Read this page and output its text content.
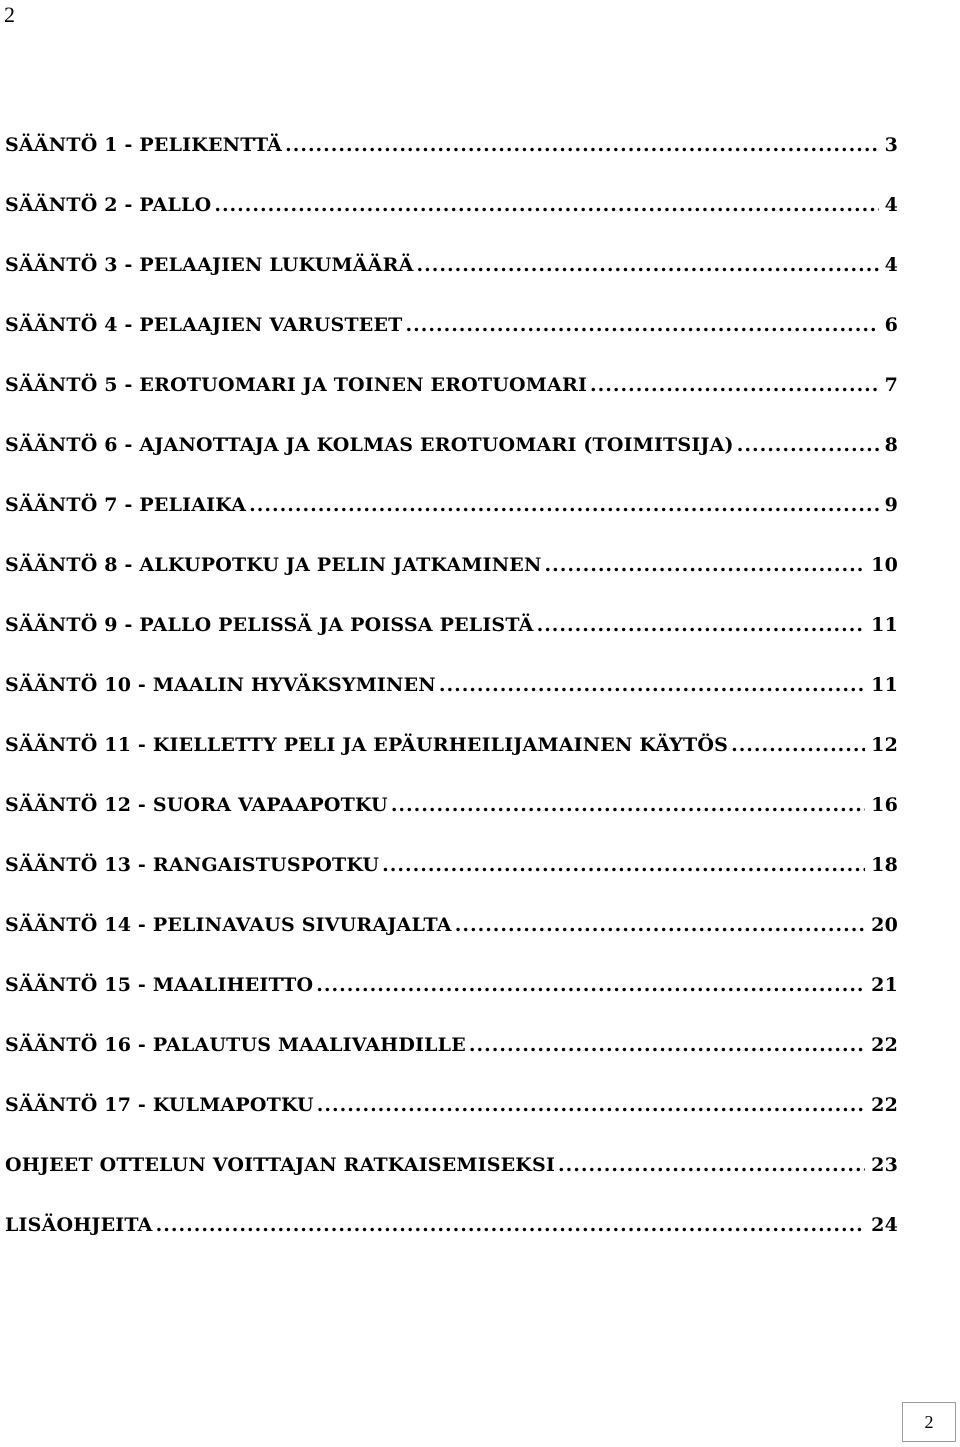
2
SÄÄNTÖ 1 - PELIKENTTÄ .....	3
SÄÄNTÖ 2 - PALLO .....	4
SÄÄNTÖ 3 - PELAAJIEN LUKUMÄÄRÄ .....	4
SÄÄNTÖ 4 - PELAAJIEN VARUSTEET .....	6
SÄÄNTÖ 5 - EROTUOMARI JA TOINEN EROTUOMARI .....	7
SÄÄNTÖ 6 - AJANOTTAJA JA KOLMAS EROTUOMARI (TOIMITSIJA) .....	8
SÄÄNTÖ 7 - PELIAIKA .....	9
SÄÄNTÖ 8 - ALKUPOTKU JA PELIN JATKAMINEN .....	10
SÄÄNTÖ 9 - PALLO PELISSÄ JA POISSA PELISTÄ .....	11
SÄÄNTÖ 10 - MAALIN HYVÄKSYMINEN .....	11
SÄÄNTÖ 11 - KIELLETTY PELI JA EPÄURHEILIJAMAINEN KÄYTÖS .....	12
SÄÄNTÖ 12 - SUORA VAPAAPOTKU .....	16
SÄÄNTÖ 13 - RANGAISTUSPOTKU .....	18
SÄÄNTÖ 14 - PELINAVAUS SIVURAJALTA .....	20
SÄÄNTÖ 15 - MAALIHEITTO .....	21
SÄÄNTÖ 16 - PALAUTUS MAALIVAHDILLE .....	22
SÄÄNTÖ 17 - KULMAPOTKU .....	22
OHJEET OTTELUN VOITTAJAN RATKAISEMISEKSI .....	23
LISÄOHJEITA .....	24
2
